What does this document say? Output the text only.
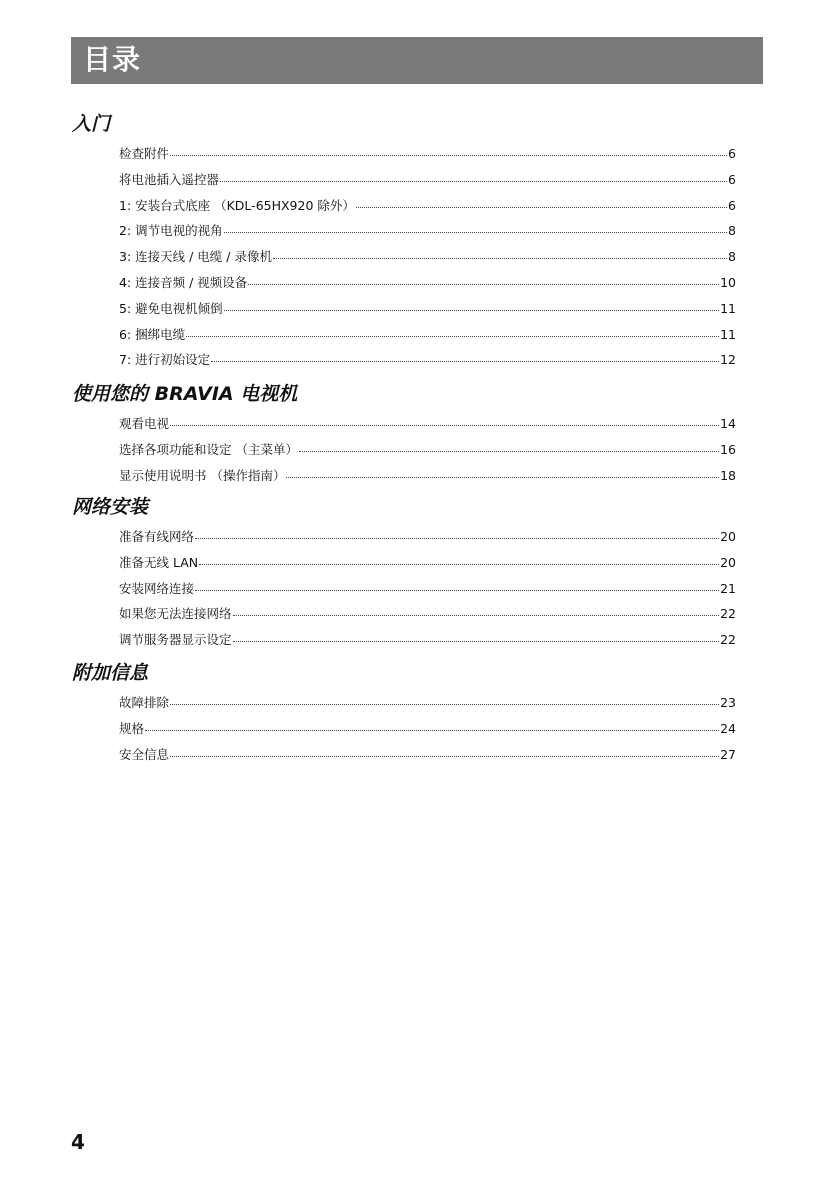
目录
入门
检查附件	6
将电池插入遥控器	6
1: 安装台式底座 （KDL-65HX920 除外）	6
2: 调节电视的视角	8
3: 连接天线 / 电缆 / 录像机	8
4: 连接音频 / 视频设备	10
5: 避免电视机倾倒	11
6: 捆绑电缆	11
7: 进行初始设定	12
使用您的 BRAVIA 电视机
观看电视	14
选择各项功能和设定 （主菜单）	16
显示使用说明书 （操作指南）	18
网络安装
准备有线网络	20
准备无线 LAN	20
安装网络连接	21
如果您无法连接网络	22
调节服务器显示设定	22
附加信息
故障排除	23
规格	24
安全信息	27
4
